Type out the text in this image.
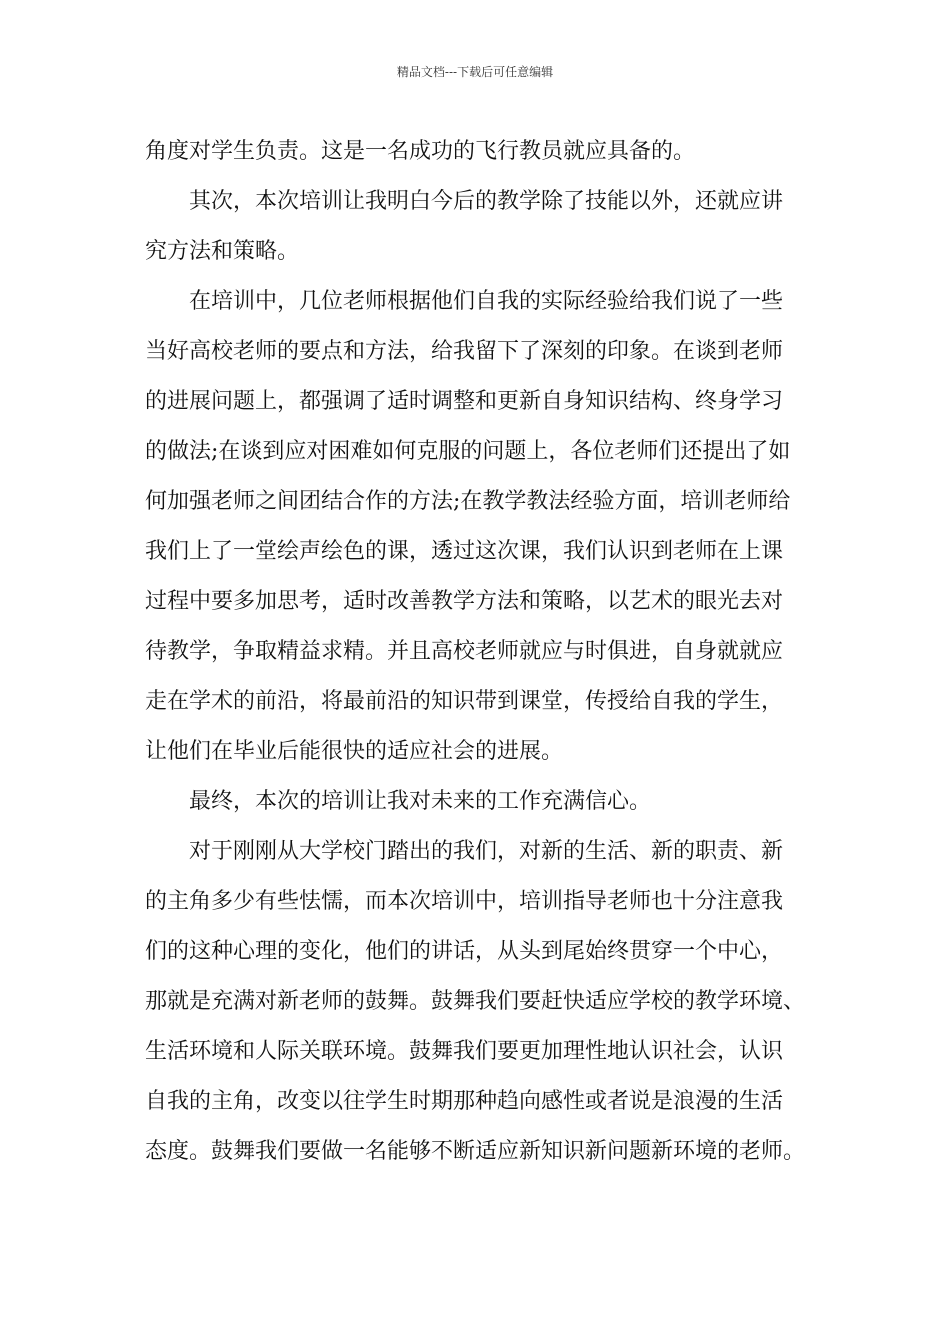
精品文档---下载后可任意编辑
角度对学生负责。这是一名成功的飞行教员就应具备的。
其次，本次培训让我明白今后的教学除了技能以外，还就应讲
究方法和策略。
在培训中，几位老师根据他们自我的实际经验给我们说了一些
当好高校老师的要点和方法，给我留下了深刻的印象。在谈到老师
的进展问题上，都强调了适时调整和更新自身知识结构、终身学习
的做法;在谈到应对困难如何克服的问题上，各位老师们还提出了如
何加强老师之间团结合作的方法;在教学教法经验方面，培训老师给
我们上了一堂绘声绘色的课，透过这次课，我们认识到老师在上课
过程中要多加思考，适时改善教学方法和策略，以艺术的眼光去对
待教学，争取精益求精。并且高校老师就应与时俱进，自身就就应
走在学术的前沿，将最前沿的知识带到课堂，传授给自我的学生，
让他们在毕业后能很快的适应社会的进展。
最终，本次的培训让我对未来的工作充满信心。
对于刚刚从大学校门踏出的我们，对新的生活、新的职责、新
的主角多少有些怯懦，而本次培训中，培训指导老师也十分注意我
们的这种心理的变化，他们的讲话，从头到尾始终贯穿一个中心，
那就是充满对新老师的鼓舞。鼓舞我们要赶快适应学校的教学环境、
生活环境和人际关联环境。鼓舞我们要更加理性地认识社会，认识
自我的主角，改变以往学生时期那种趋向感性或者说是浪漫的生活
态度。鼓舞我们要做一名能够不断适应新知识新问题新环境的老师。
